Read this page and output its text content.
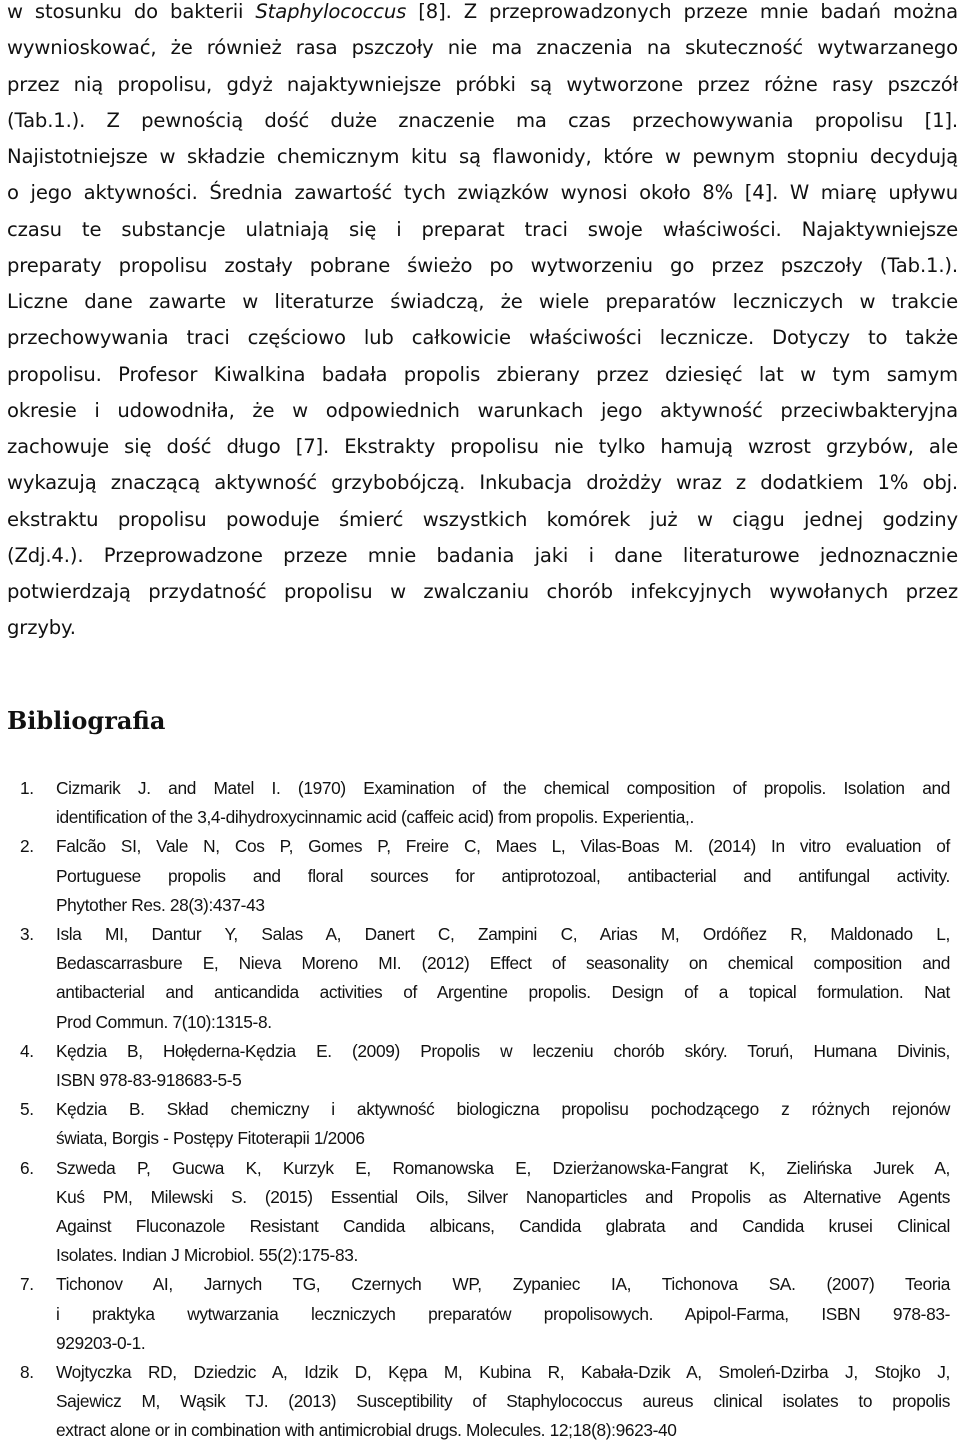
w stosunku do bakterii Staphylococcus [8]. Z przeprowadzonych przeze mnie badań można
wywnioskować, że również rasa pszczoły nie ma znaczenia na skuteczność wytwarzanego
przez nią propolisu, gdyż najaktywniejsze próbki są wytworzone przez różne rasy pszczół
(Tab.1.). Z pewnością dość duże znaczenie ma czas przechowywania propolisu [1].
Najistotniejsze w składzie chemicznym kitu są flawonidy, które w pewnym stopniu decydują
o jego aktywności. Średnia zawartość tych związków wynosi około 8% [4]. W miarę upływu
czasu te substancje ulatniają się i preparat traci swoje właściwości. Najaktywniejsze
preparaty propolisu zostały pobrane świeżo po wytworzeniu go przez pszczoły (Tab.1.).
Liczne dane zawarte w literaturze świadczą, że wiele preparatów leczniczych w trakcie
przechowywania traci częściowo lub całkowicie właściwości lecznicze. Dotyczy to także
propolisu. Profesor Kiwalkina badała propolis zbierany przez dziesięć lat w tym samym
okresie i udowodniła, że w odpowiednich warunkach jego aktywność przeciwbakteryjna
zachowuje się dość długo [7]. Ekstrakty propolisu nie tylko hamują wzrost grzybów, ale
wykazują znaczącą aktywność grzybobójczą. Inkubacja drożdży wraz z dodatkiem 1% obj.
ekstraktu propolisu powoduje śmierć wszystkich komórek już w ciągu jednej godziny
(Zdj.4.). Przeprowadzone przeze mnie badania jaki i dane literaturowe jednoznacznie
potwierdzają przydatność propolisu w zwalczaniu chorób infekcyjnych wywołanych przez
grzyby.

Bibliografia
1. Cizmarik J. and Matel I. (1970) Examination of the chemical composition of propolis. Isolation and
identification of the 3,4-dihydroxycinnamic acid (caffeic acid) from propolis. Experientia,.
2. Falcão SI, Vale N, Cos P, Gomes P, Freire C, Maes L, Vilas-Boas M. (2014) In vitro evaluation of
Portuguese propolis and floral sources for antiprotozoal, antibacterial and antifungal activity.
Phytother Res. 28(3):437-43
3. Isla MI, Dantur Y, Salas A, Danert C, Zampini C, Arias M, Ordóñez R, Maldonado L,
Bedascarrasbure E, Nieva Moreno MI. (2012) Effect of seasonality on chemical composition and
antibacterial and anticandida activities of Argentine propolis. Design of a topical formulation. Nat
Prod Commun. 7(10):1315-8.
4. Kędzia B, Hołęderna-Kędzia E. (2009) Propolis w leczeniu chorób skóry. Toruń, Humana Divinis,
ISBN 978-83-918683-5-5
5. Kędzia B. Skład chemiczny i aktywność biologiczna propolisu pochodzącego z różnych rejonów
świata, Borgis - Postępy Fitoterapii 1/2006
6. Szweda P, Gucwa K, Kurzyk E, Romanowska E, Dzierżanowska-Fangrat K, Zielińska Jurek A,
Kuś PM, Milewski S. (2015) Essential Oils, Silver Nanoparticles and Propolis as Alternative Agents
Against Fluconazole Resistant Candida albicans, Candida glabrata and Candida krusei Clinical
Isolates. Indian J Microbiol. 55(2):175-83.
7. Tichonov AI, Jarnych TG, Czernych WP, Zypaniec IA, Tichonova SA. (2007) Teoria
i praktyka wytwarzania leczniczych preparatów propolisowych. Apipol-Farma, ISBN 978-83-
929203-0-1.
8. Wojtyczka RD, Dziedzic A, Idzik D, Kępa M, Kubina R, Kabała-Dzik A, Smoleń-Dzirba J, Stojko J,
Sajewicz M, Wąsik TJ. (2013) Susceptibility of Staphylococcus aureus clinical isolates to propolis
extract alone or in combination with antimicrobial drugs. Molecules. 12;18(8):9623-40
